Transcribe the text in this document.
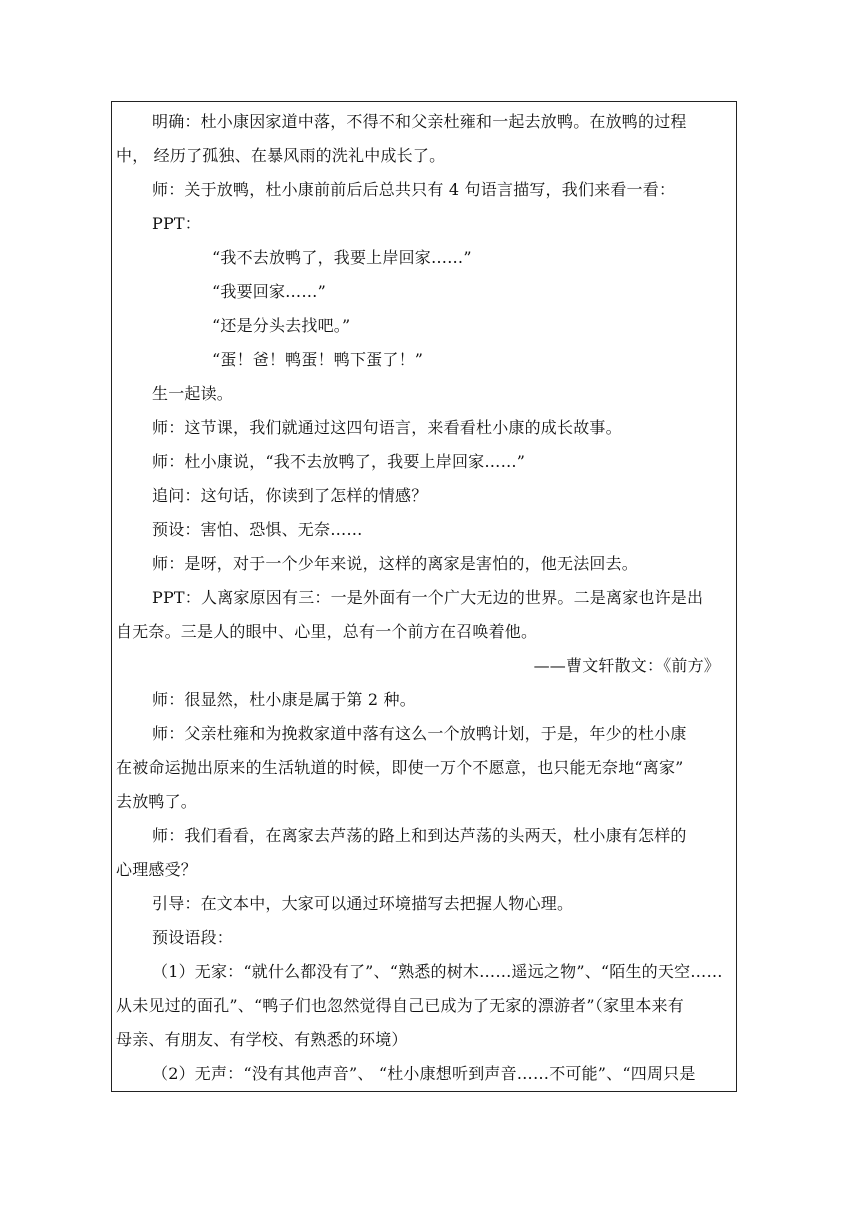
明确：杜小康因家道中落，不得不和父亲杜雍和一起去放鸭。在放鸭的过程
中， 经历了孤独、在暴风雨的洗礼中成长了。
师：关于放鸭，杜小康前前后后总共只有 4 句语言描写，我们来看一看：
PPT：
“我不去放鸭了，我要上岸回家……”
“我要回家……”
“还是分头去找吧。”
“蛋！爸！鸭蛋！鸭下蛋了！”
生一起读。
师：这节课，我们就通过这四句语言，来看看杜小康的成长故事。
师：杜小康说，“我不去放鸭了，我要上岸回家……”
追问：这句话，你读到了怎样的情感？
预设：害怕、恐惧、无奈……
师：是呀，对于一个少年来说，这样的离家是害怕的，他无法回去。
PPT：人离家原因有三：一是外面有一个广大无边的世界。二是离家也许是出
自无奈。三是人的眼中、心里，总有一个前方在召唤着他。
——曹文轩散文：《前方》
师：很显然，杜小康是属于第 2 种。
师：父亲杜雍和为挽救家道中落有这么一个放鸭计划，于是，年少的杜小康
在被命运抛出原来的生活轨道的时候，即使一万个不愿意，也只能无奈地“离家”
去放鸭了。
师：我们看看，在离家去芦荡的路上和到达芦荡的头两天，杜小康有怎样的
心理感受？
引导：在文本中，大家可以通过环境描写去把握人物心理。
预设语段：
（1）无家：“就什么都没有了”、“熟悉的树木……遥远之物”、“陌生的天空……
从未见过的面孔”、“鸭子们也忽然觉得自己已成为了无家的漂游者”（家里本来有
母亲、有朋友、有学校、有熟悉的环境）
（2）无声：“没有其他声音”、 “杜小康想听到声音……不可能”、“四周只是
